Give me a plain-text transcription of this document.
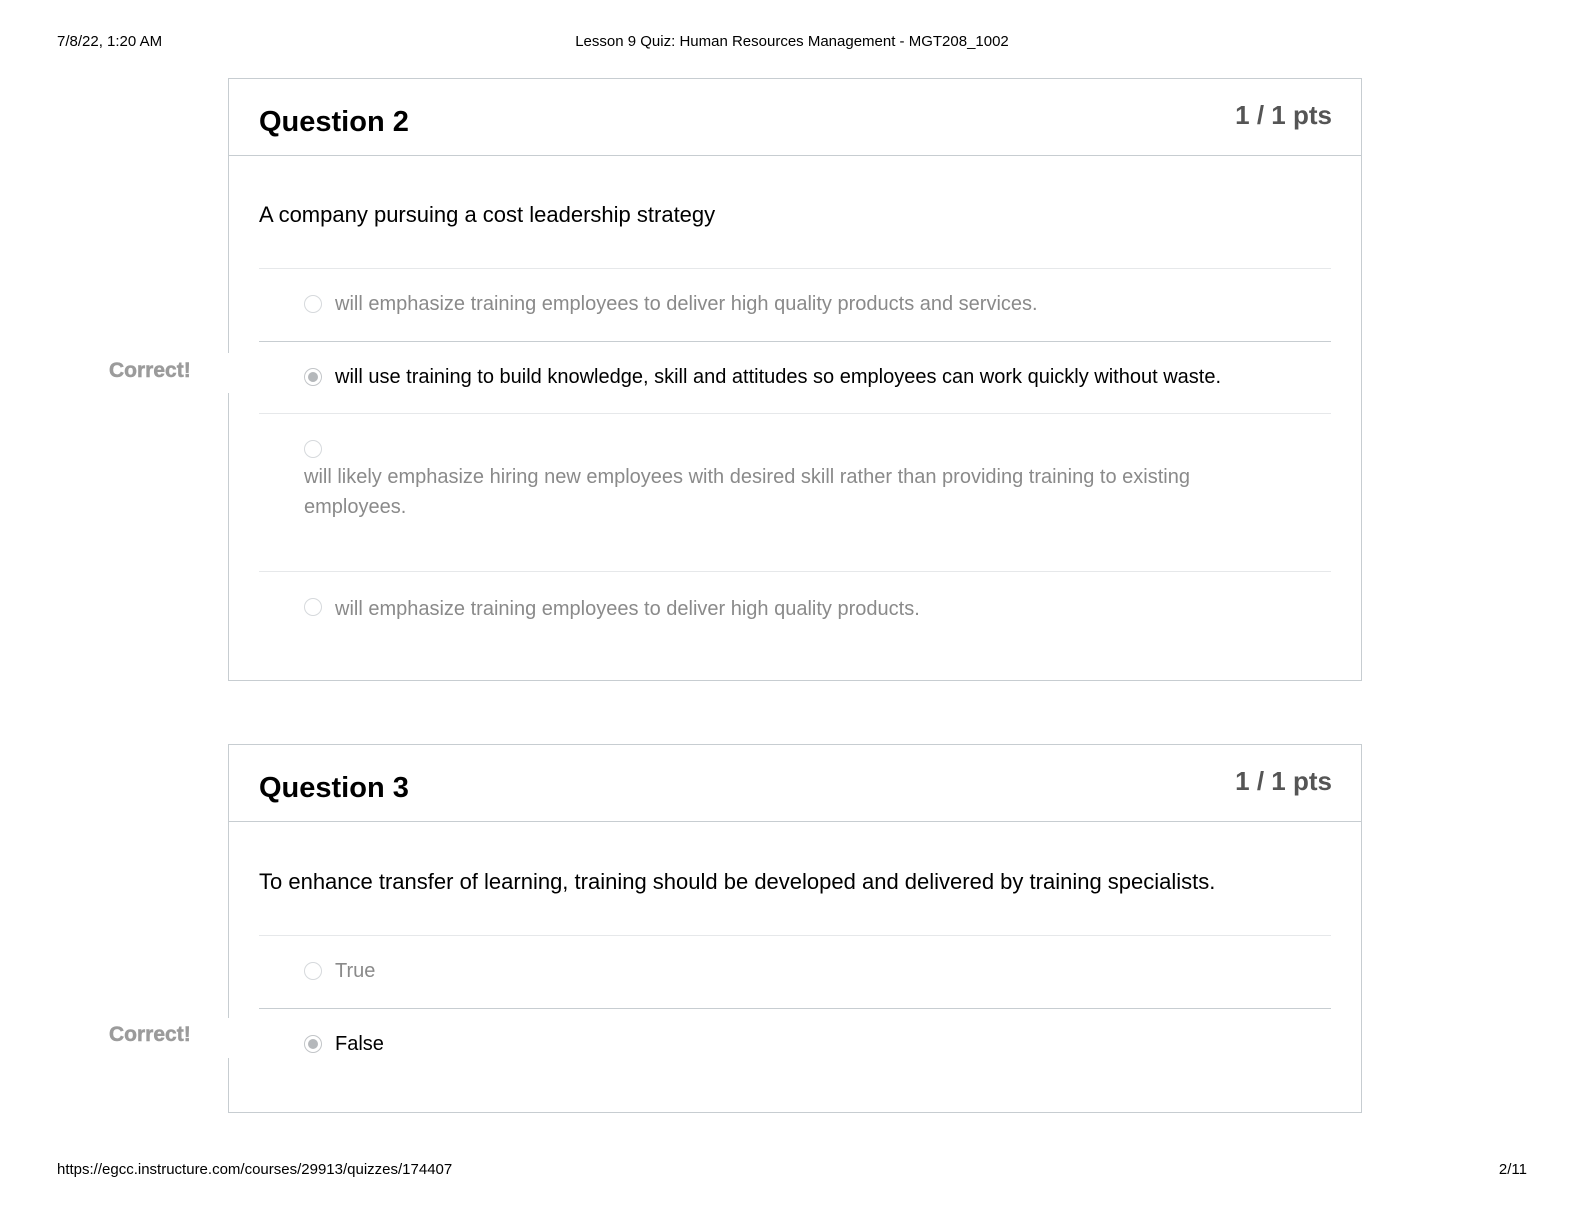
7/8/22, 1:20 AM	Lesson 9 Quiz: Human Resources Management - MGT208_1002
Question 2	1 / 1 pts
A company pursuing a cost leadership strategy
will emphasize training employees to deliver high quality products and services.
will use training to build knowledge, skill and attitudes so employees can work quickly without waste.
will likely emphasize hiring new employees with desired skill rather than providing training to existing employees.
will emphasize training employees to deliver high quality products.
Correct!
Question 3	1 / 1 pts
To enhance transfer of learning, training should be developed and delivered by training specialists.
True
False
Correct!
https://egcc.instructure.com/courses/29913/quizzes/174407	2/11
